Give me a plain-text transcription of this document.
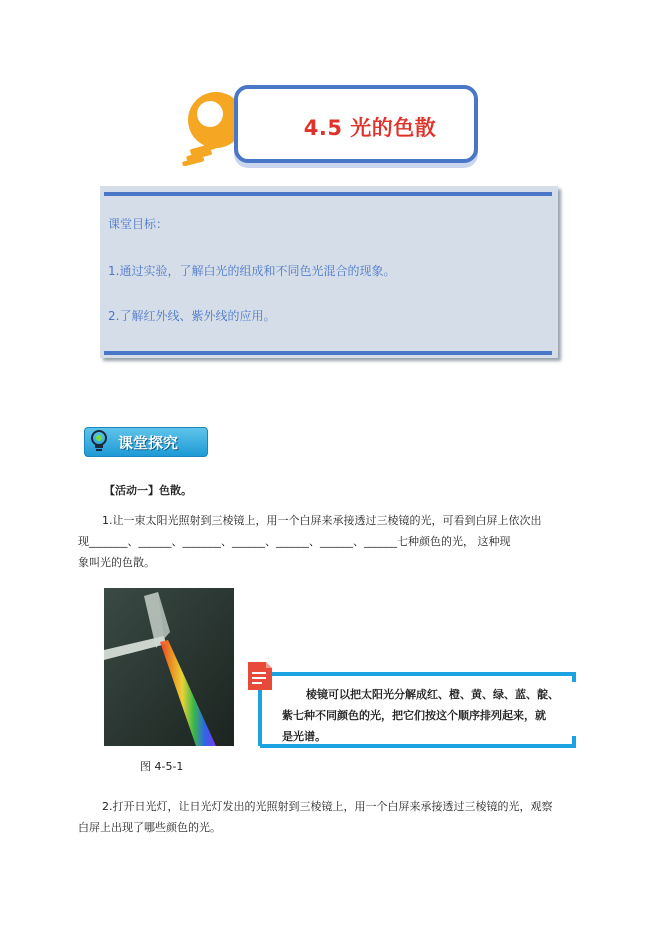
4.5 光的色散
课堂目标：
1.通过实验，了解白光的组成和不同色光混合的现象。
2.了解红外线、紫外线的应用。
课堂探究
【活动一】色散。
1.让一束太阳光照射到三棱镜上，用一个白屏来承接透过三棱镜的光，可看到白屏上依次出
现_______、______、_______、______、______、______、______七种颜色的光， 这种现
象叫光的色散。
图 4-5-1
棱镜可以把太阳光分解成红、橙、黄、绿、蓝、靛、
紫七种不同颜色的光，把它们按这个顺序排列起来，就
是光谱。
2.打开日光灯，让日光灯发出的光照射到三棱镜上，用一个白屏来承接透过三棱镜的光，观察
白屏上出现了哪些颜色的光。
